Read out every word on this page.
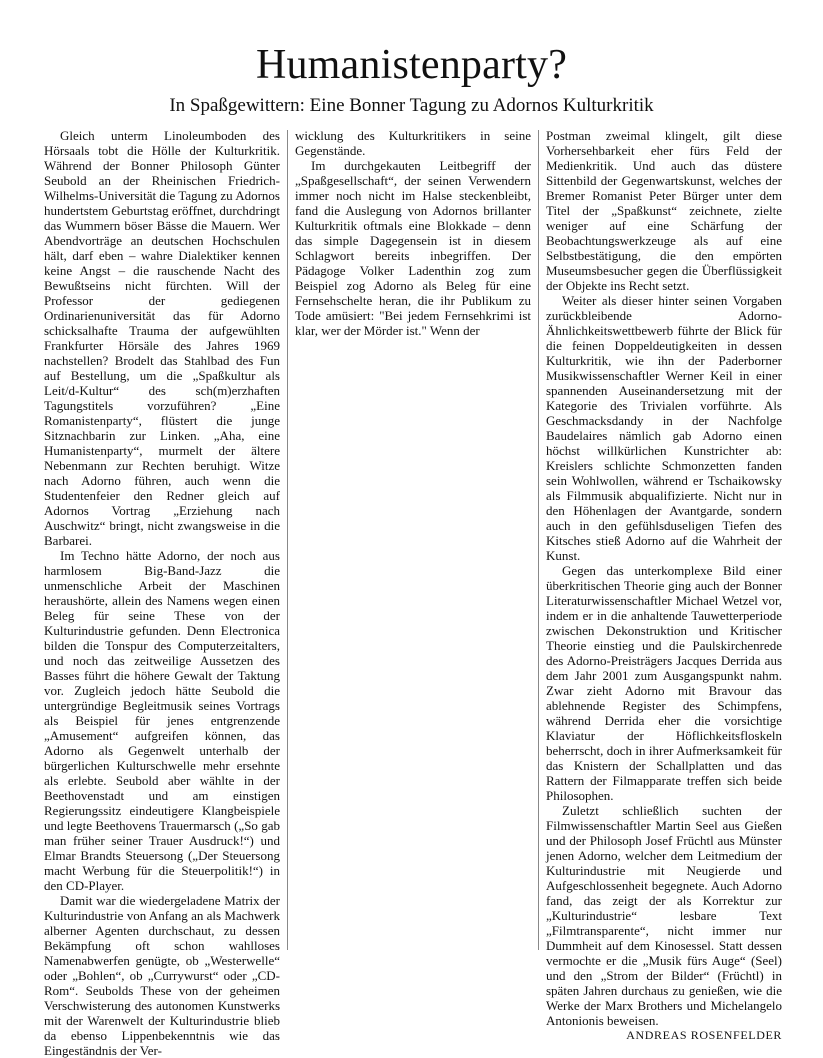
Humanistenparty?
In Spaßgewittern: Eine Bonner Tagung zu Adornos Kulturkritik

Gleich unterm Linoleumboden des Hörsaals tobt die Hölle der Kulturkritik. Während der Bonner Philosoph Günter Seubold an der Rheinischen Friedrich-Wilhelms-Universität die Tagung zu Adornos hundertstem Geburtstag eröffnet, durchdringt das Wummern böser Bässe die Mauern. Wer Abendvorträge an deutschen Hochschulen hält, darf eben – wahre Dialektiker kennen keine Angst – die rauschende Nacht des Bewußtseins nicht fürchten. Will der Professor der gediegenen Ordinarienuniversität das für Adorno schicksalhafte Trauma der aufgewühlten Frankfurter Hörsäle des Jahres 1969 nachstellen? Brodelt das Stahlbad des Fun auf Bestellung, um die „Spaßkultur als Leit/d-Kultur“ des sch(m)erzhaften Tagungstitels vorzuführen? „Eine Romanistenparty“, flüstert die junge Sitznachbarin zur Linken. „Aha, eine Humanistenparty“, murmelt der ältere Nebenmann zur Rechten beruhigt. Witze nach Adorno führen, auch wenn die Studentenfeier den Redner gleich auf Adornos Vortrag „Erziehung nach Auschwitz“ bringt, nicht zwangsweise in die Barbarei.

Im Techno hätte Adorno, der noch aus harmlosem Big-Band-Jazz die unmenschliche Arbeit der Maschinen heraushörte, allein des Namens wegen einen Beleg für seine These von der Kulturindustrie gefunden. Denn Electronica bilden die Tonspur des Computerzeitalters, und noch das zeitweilige Aussetzen des Basses führt die höhere Gewalt der Taktung vor. Zugleich jedoch hätte Seubold die untergründige Begleitmusik seines Vortrags als Beispiel für jenes entgrenzende „Amusement“ aufgreifen können, das Adorno als Gegenwelt unterhalb der bürgerlichen Kulturschwelle mehr ersehnte als erlebte. Seubold aber wählte in der Beethovenstadt und am einstigen Regierungssitz eindeutigere Klangbeispiele und legte Beethovens Trauermarsch („So gab man früher seiner Trauer Ausdruck!“) und Elmar Brandts Steuersong („Der Steuersong macht Werbung für die Steuerpolitik!“) in den CD-Player.

Damit war die wiedergeladene Matrix der Kulturindustrie von Anfang an als Machwerk alberner Agenten durchschaut, zu dessen Bekämpfung oft schon wahlloses Namenabwerfen genügte, ob „Westerwelle“ oder „Bohlen“, ob „Currywurst“ oder „CD-Rom“. Seubolds These von der geheimen Verschwisterung des autonomen Kunstwerks mit der Warenwelt der Kulturindustrie blieb da ebenso Lippenbekenntnis wie das Eingeständnis der Ver-

wicklung des Kulturkritikers in seine Gegenstände.

Im durchgekauten Leitbegriff der „Spaßgesellschaft“, der seinen Verwendern immer noch nicht im Halse steckenbleibt, fand die Auslegung von Adornos brillanter Kulturkritik oftmals eine Blokkade – denn das simple Dagegensein ist in diesem Schlagwort bereits inbegriffen. Der Pädagoge Volker Ladenthin zog zum Beispiel zog Adorno als Beleg für eine Fernsehschelte heran, die ihr Publikum zu Tode amüsiert: "Bei jedem Fernsehkrimi ist klar, wer der Mörder ist." Wenn der

Postman zweimal klingelt, gilt diese Vorhersehbarkeit eher fürs Feld der Medienkritik. Und auch das düstere Sittenbild der Gegenwartskunst, welches der Bremer Romanist Peter Bürger unter dem Titel der „Spaßkunst“ zeichnete, zielte weniger auf eine Schärfung der Beobachtungswerkzeuge als auf eine Selbstbestätigung, die den empörten Museumsbesucher gegen die Überflüssigkeit der Objekte ins Recht setzt.

Weiter als dieser hinter seinen Vorgaben zurückbleibende Adorno-Ähnlichkeitswettbewerb führte der Blick für die feinen Doppeldeutigkeiten in dessen Kulturkritik, wie ihn der Paderborner Musikwissenschaftler Werner Keil in einer spannenden Auseinandersetzung mit der Kategorie des Trivialen vorführte. Als Geschmacksdandy in der Nachfolge Baudelaires nämlich gab Adorno einen höchst willkürlichen Kunstrichter ab: Kreislers schlichte Schmonzetten fanden sein Wohlwollen, während er Tschaikowsky als Filmmusik abqualifizierte. Nicht nur in den Höhenlagen der Avantgarde, sondern auch in den gefühlsduseligen Tiefen des Kitsches stieß Adorno auf die Wahrheit der Kunst.

Gegen das unterkomplexe Bild einer überkritischen Theorie ging auch der Bonner Literaturwissenschaftler Michael Wetzel vor, indem er in die anhaltende Tauwetterperiode zwischen Dekonstruktion und Kritischer Theorie einstieg und die Paulskirchenrede des Adorno-Preisträgers Jacques Derrida aus dem Jahr 2001 zum Ausgangspunkt nahm. Zwar zieht Adorno mit Bravour das ablehnende Register des Schimpfens, während Derrida eher die vorsichtige Klaviatur der Höflichkeitsfloskeln beherrscht, doch in ihrer Aufmerksamkeit für das Knistern der Schallplatten und das Rattern der Filmapparate treffen sich beide Philosophen.

Zuletzt schließlich suchten der Filmwissenschaftler Martin Seel aus Gießen und der Philosoph Josef Früchtl aus Münster jenen Adorno, welcher dem Leitmedium der Kulturindustrie mit Neugierde und Aufgeschlossenheit begegnete. Auch Adorno fand, das zeigt der als Korrektur zur „Kulturindustrie“ lesbare Text „Filmtransparente“, nicht immer nur Dummheit auf dem Kinosessel. Statt dessen vermochte er die „Musik fürs Auge“ (Seel) und den „Strom der Bilder“ (Früchtl) in späten Jahren durchaus zu genießen, wie die Werke der Marx Brothers und Michelangelo Antonionis beweisen.

ANDREAS ROSENFELDER
